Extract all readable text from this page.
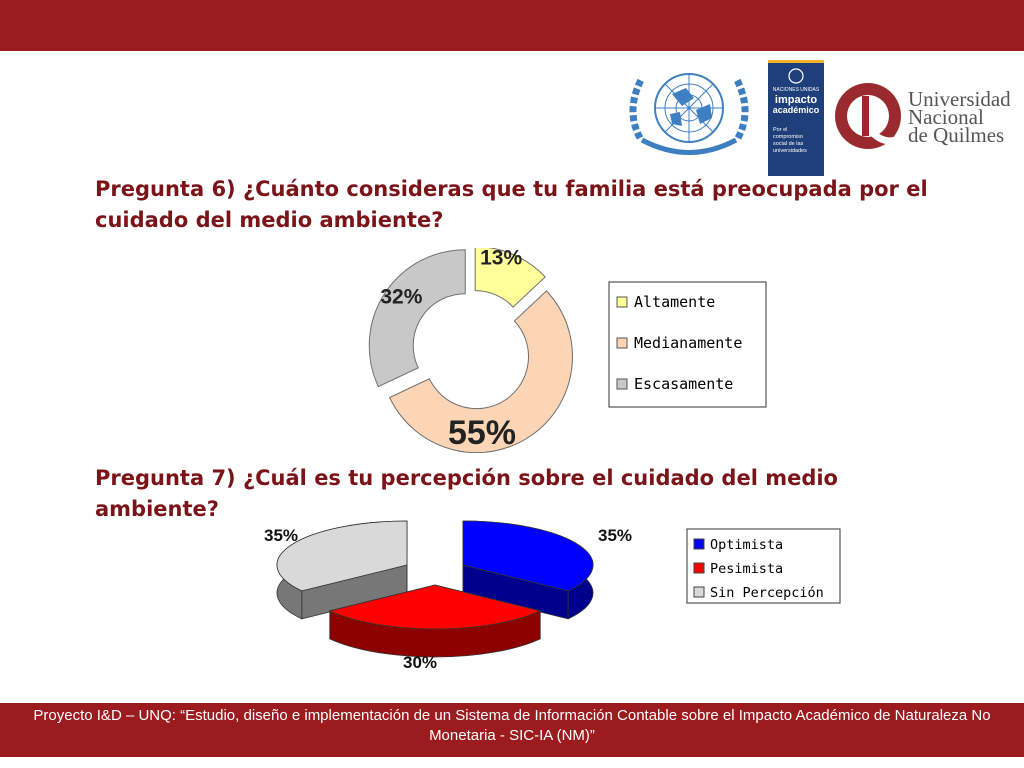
NACIONES UNIDAS
impacto
académico
Por el
compromiso
social de las
universidades
Universidad
Nacional
de Quilmes
Pregunta 6) ¿Cuánto consideras que tu familia está preocupada por el cuidado del medio ambiente?
13%
55%
32%	Altamente
Medianamente
Escasamente
Pregunta 7) ¿Cuál es tu percepción sobre el cuidado del medio ambiente?
35%
30%
35%	Optimista
Pesimista
Sin Percepción
Proyecto I&D – UNQ: “Estudio, diseño e implementación de un Sistema de Información Contable sobre el Impacto Académico de Naturaleza No Monetaria - SIC-IA (NM)”
